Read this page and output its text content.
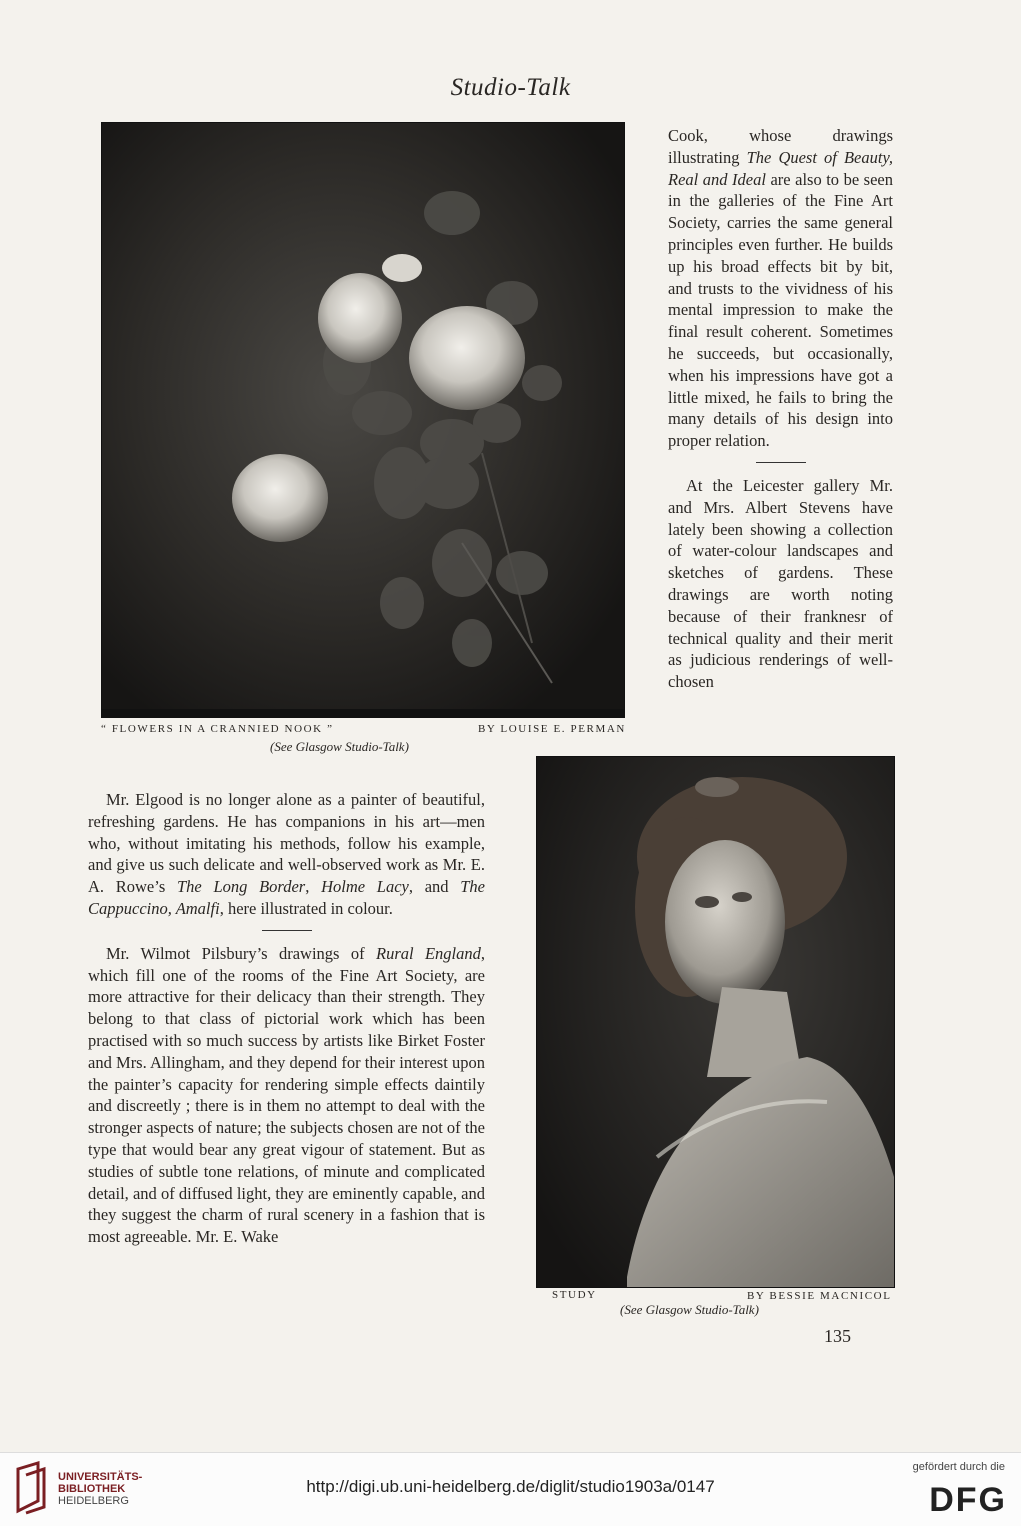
Studio-Talk
“ FLOWERS IN A CRANNIED NOOK ”	BY LOUISE E. PERMAN
(See Glasgow Studio-Talk)

Cook, whose drawings illustrating The Quest of Beauty, Real and Ideal are also to be seen in the galleries of the Fine Art Society, carries the same general principles even further. He builds up his broad effects bit by bit, and trusts to the vividness of his mental impression to make the final result coherent. Sometimes he succeeds, but occasionally, when his impressions have got a little mixed, he fails to bring the many details of his design into proper relation.

At the Leicester gallery Mr. and Mrs. Albert Stevens have lately been showing a collection of water-colour landscapes and sketches of gardens. These drawings are worth noting because of their franknesr of technical quality and their merit as judicious renderings of well-chosen

STUDY	BY BESSIE MACNICOL
(See Glasgow Studio-Talk)

Mr. Elgood is no longer alone as a painter of beautiful, refreshing gardens. He has companions in his art—men who, without imitating his methods, follow his example, and give us such delicate and well-observed work as Mr. E. A. Rowe’s The Long Border, Holme Lacy, and The Cappuccino, Amalfi, here illustrated in colour.

Mr. Wilmot Pilsbury’s drawings of Rural England, which fill one of the rooms of the Fine Art Society, are more attractive for their delicacy than their strength. They belong to that class of pictorial work which has been practised with so much success by artists like Birket Foster and Mrs. Allingham, and they depend for their interest upon the painter’s capacity for rendering simple effects daintily and discreetly ; there is in them no attempt to deal with the stronger aspects of nature; the subjects chosen are not of the type that would bear any great vigour of statement. But as studies of subtle tone relations, of minute and complicated detail, and of diffused light, they are eminently capable, and they suggest the charm of rural scenery in a fashion that is most agreeable. Mr. E. Wake

135
UNIVERSITÄTS-
BIBLIOTHEK
HEIDELBERG
http://digi.ub.uni-heidelberg.de/diglit/studio1903a/0147
gefördert durch die
DFG
